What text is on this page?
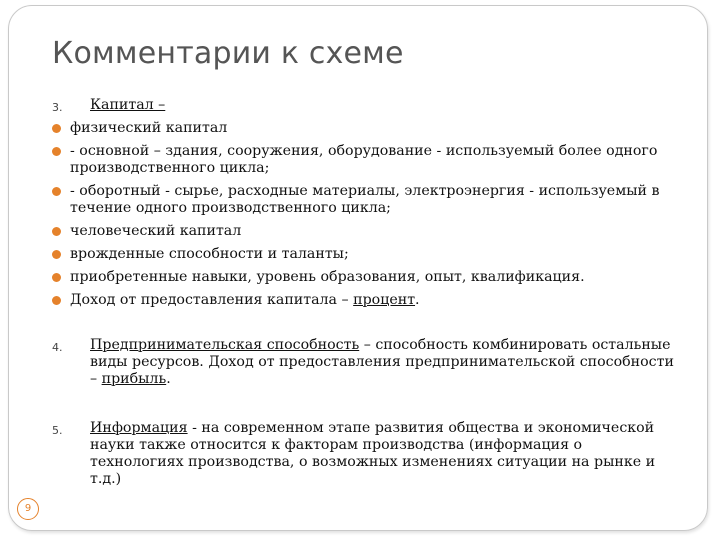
Комментарии к схеме
3. Капитал –
физический капитал
- основной – здания, сооружения, оборудование - используемый более одного производственного цикла;
- оборотный - сырье, расходные материалы, электроэнергия - используемый в течение одного производственного цикла;
человеческий капитал
врожденные способности и таланты;
приобретенные навыки, уровень образования, опыт, квалификация.
Доход от предоставления капитала – процент.
4. Предпринимательская способность – способность комбинировать остальные виды ресурсов. Доход от предоставления предпринимательской способности – прибыль.
5. Информация - на современном этапе развития общества и экономической науки также относится к факторам производства (информация о технологиях производства, о возможных изменениях ситуации на рынке и т.д.)
9
